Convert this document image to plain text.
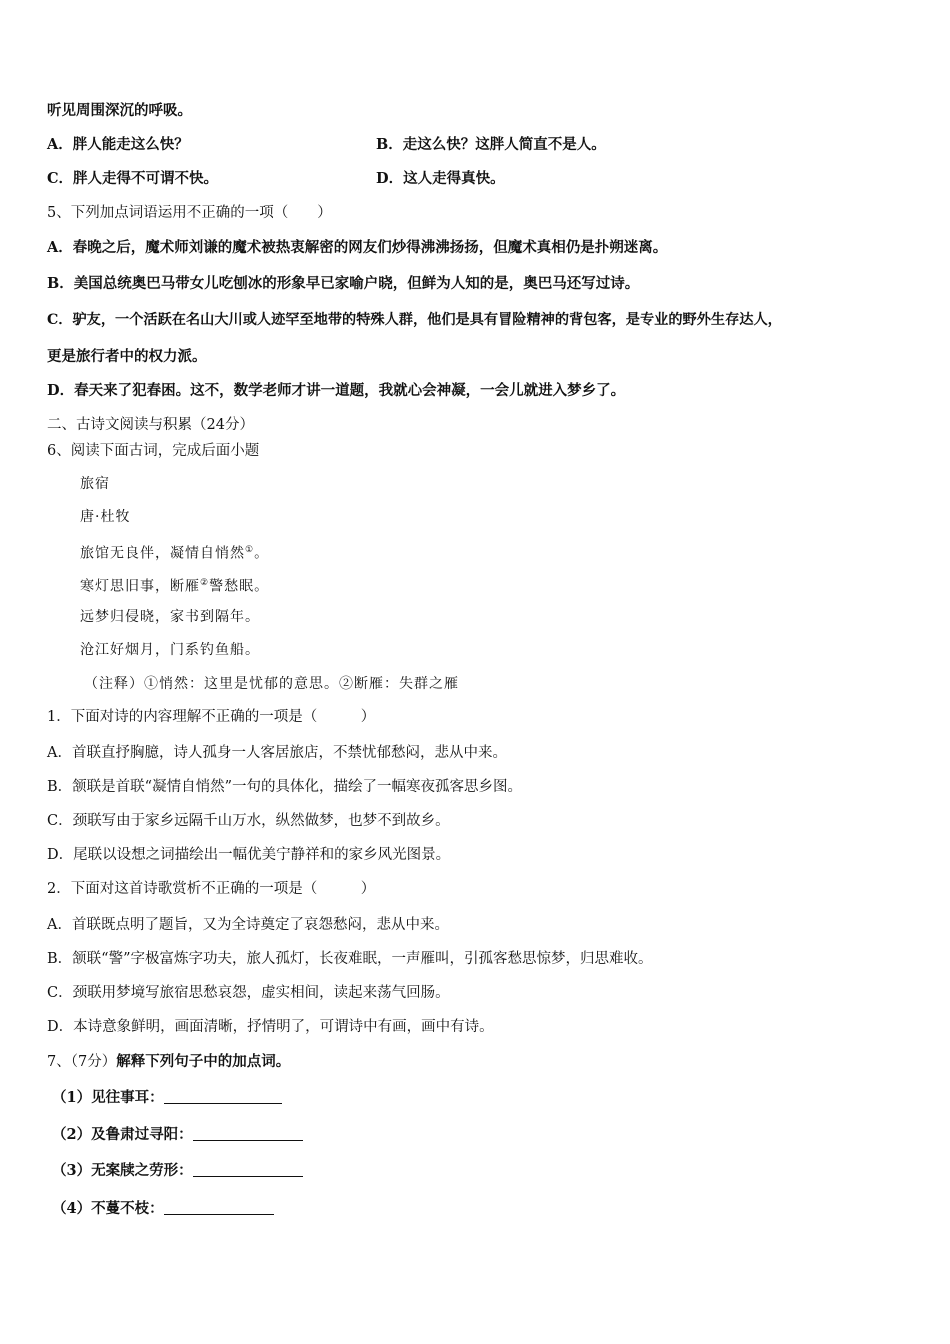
听见周围深沉的呼吸。
A．胖人能走这么快？	B．走这么快？这胖人简直不是人。
C．胖人走得不可谓不快。	D．这人走得真快。
5、下列加点词语运用不正确的一项（　　）
A．春晚之后，魔术师刘谦的魔术被热衷解密的网友们炒得沸沸扬扬，但魔术真相仍是扑朔迷离。
B．美国总统奥巴马带女儿吃刨冰的形象早已家喻户晓，但鲜为人知的是，奥巴马还写过诗。
C．驴友，一个活跃在名山大川或人迹罕至地带的特殊人群，他们是具有冒险精神的背包客，是专业的野外生存达人，
更是旅行者中的权力派。
D．春天来了犯春困。这不，数学老师才讲一道题，我就心会神凝，一会儿就进入梦乡了。
二、古诗文阅读与积累（24分）
6、阅读下面古词，完成后面小题
旅宿
唐·杜牧
旅馆无良伴，凝情自悄然①。
寒灯思旧事，断雁②警愁眠。
远梦归侵晓，家书到隔年。
沧江好烟月，门系钓鱼船。
（注释）①悄然：这里是忧郁的意思。②断雁：失群之雁
1．下面对诗的内容理解不正确的一项是（　　　）
A．首联直抒胸臆，诗人孤身一人客居旅店，不禁忧郁愁闷，悲从中来。
B．颔联是首联“凝情自悄然”一句的具体化，描绘了一幅寒夜孤客思乡图。
C．颈联写由于家乡远隔千山万水，纵然做梦，也梦不到故乡。
D．尾联以设想之词描绘出一幅优美宁静祥和的家乡风光图景。
2．下面对这首诗歌赏析不正确的一项是（　　　）
A．首联既点明了题旨，又为全诗奠定了哀怨愁闷，悲从中来。
B．颔联“警”字极富炼字功夫，旅人孤灯，长夜难眠，一声雁叫，引孤客愁思惊梦，归思难收。
C．颈联用梦境写旅宿思愁哀怨，虚实相间，读起来荡气回肠。
D．本诗意象鲜明，画面清晰，抒情明了，可谓诗中有画，画中有诗。
7、（7分）解释下列句子中的加点词。
（1）见往事耳：
（2）及鲁肃过寻阳：
（3）无案牍之劳形：
（4）不蔓不枝：
